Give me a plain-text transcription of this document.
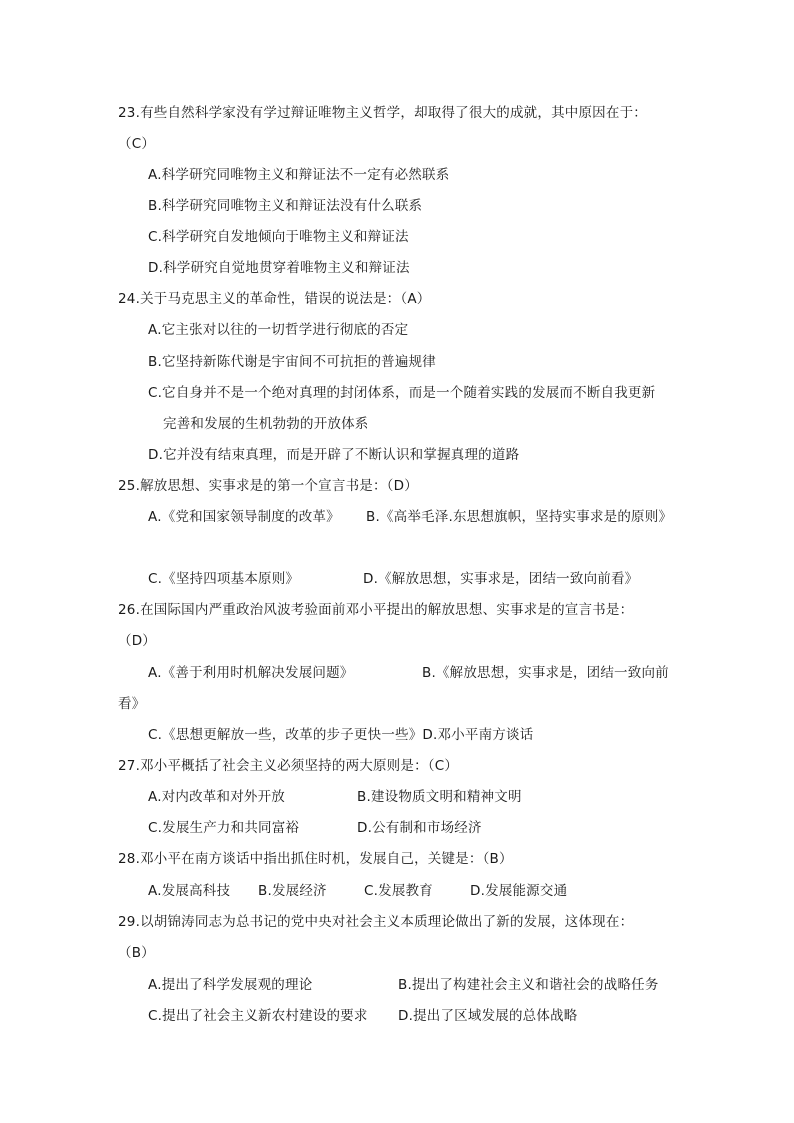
23.有些自然科学家没有学过辩证唯物主义哲学，却取得了很大的成就，其中原因在于：
（C）
A.科学研究同唯物主义和辩证法不一定有必然联系
B.科学研究同唯物主义和辩证法没有什么联系
C.科学研究自发地倾向于唯物主义和辩证法
D.科学研究自觉地贯穿着唯物主义和辩证法
24.关于马克思主义的革命性，错误的说法是：（A）
A.它主张对以往的一切哲学进行彻底的否定
B.它坚持新陈代谢是宇宙间不可抗拒的普遍规律
C.它自身并不是一个绝对真理的封闭体系，而是一个随着实践的发展而不断自我更新
完善和发展的生机勃勃的开放体系
D.它并没有结束真理，而是开辟了不断认识和掌握真理的道路
25.解放思想、实事求是的第一个宣言书是：（D）
A.《党和国家领导制度的改革》 B.《高举毛泽.东思想旗帜，坚持实事求是的原则》
C.《坚持四项基本原则》	D.《解放思想，实事求是，团结一致向前看》
26.在国际国内严重政治风波考验面前邓小平提出的解放思想、实事求是的宣言书是：
（D）
A.《善于利用时机解决发展问题》	B.《解放思想，实事求是，团结一致向前
看》
C.《思想更解放一些，改革的步子更快一些》D.邓小平南方谈话
27.邓小平概括了社会主义必须坚持的两大原则是：（C）
A.对内改革和对外开放	B.建设物质文明和精神文明
C.发展生产力和共同富裕	D.公有制和市场经济
28.邓小平在南方谈话中指出抓住时机，发展自己，关键是：（B）
A.发展高科技 B.发展经济	C.发展教育	D.发展能源交通
29.以胡锦涛同志为总书记的党中央对社会主义本质理论做出了新的发展，这体现在：
（B）
A.提出了科学发展观的理论	B.提出了构建社会主义和谐社会的战略任务
C.提出了社会主义新农村建设的要求 D.提出了区域发展的总体战略
